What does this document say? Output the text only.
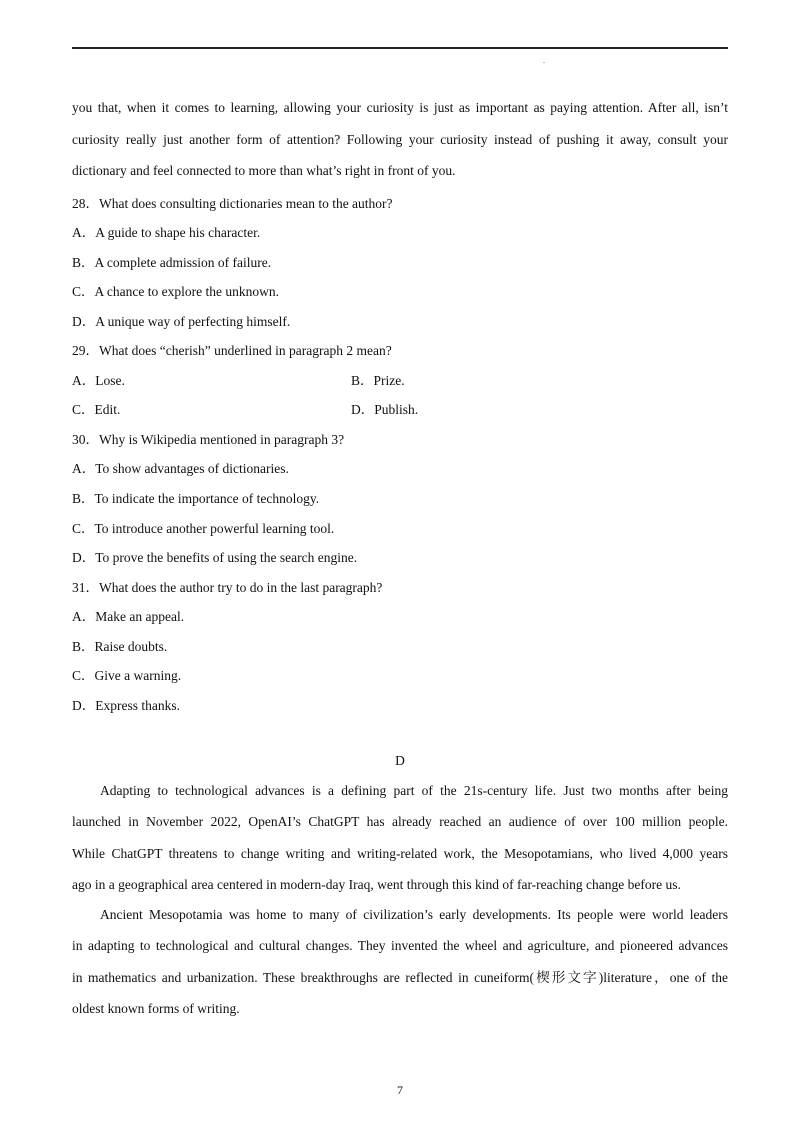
.
you that, when it comes to learning, allowing your curiosity is just as important as paying attention. After all, isn’t
curiosity really just another form of attention? Following your curiosity instead of pushing it away, consult your
dictionary and feel connected to more than what’s right in front of you.
28．What does consulting dictionaries mean to the author?
A．A guide to shape his character.
B．A complete admission of failure.
C．A chance to explore the unknown.
D．A unique way of perfecting himself.
29．What does “cherish” underlined in paragraph 2 mean?
A．Lose.	B．Prize.
C．Edit.	D．Publish.
30．Why is Wikipedia mentioned in paragraph 3?
A．To show advantages of dictionaries.
B．To indicate the importance of technology.
C．To introduce another powerful learning tool.
D．To prove the benefits of using the search engine.
31．What does the author try to do in the last paragraph?
A．Make an appeal.
B．Raise doubts.
C．Give a warning.
D．Express thanks.
D
Adapting to technological advances is a defining part of the 21s-century life. Just two months after being
launched in November 2022, OpenAI’s ChatGPT has already reached an audience of over 100 million people.
While ChatGPT threatens to change writing and writing-related work, the Mesopotamians, who lived 4,000 years
ago in a geographical area centered in modern-day Iraq, went through this kind of far-reaching change before us.
Ancient Mesopotamia was home to many of civilization’s early developments. Its people were world leaders
in adapting to technological and cultural changes. They invented the wheel and agriculture, and pioneered advances
in mathematics and urbanization. These breakthroughs are reflected in cuneiform(楔形文字)literature，one of the
oldest known forms of writing.
7
